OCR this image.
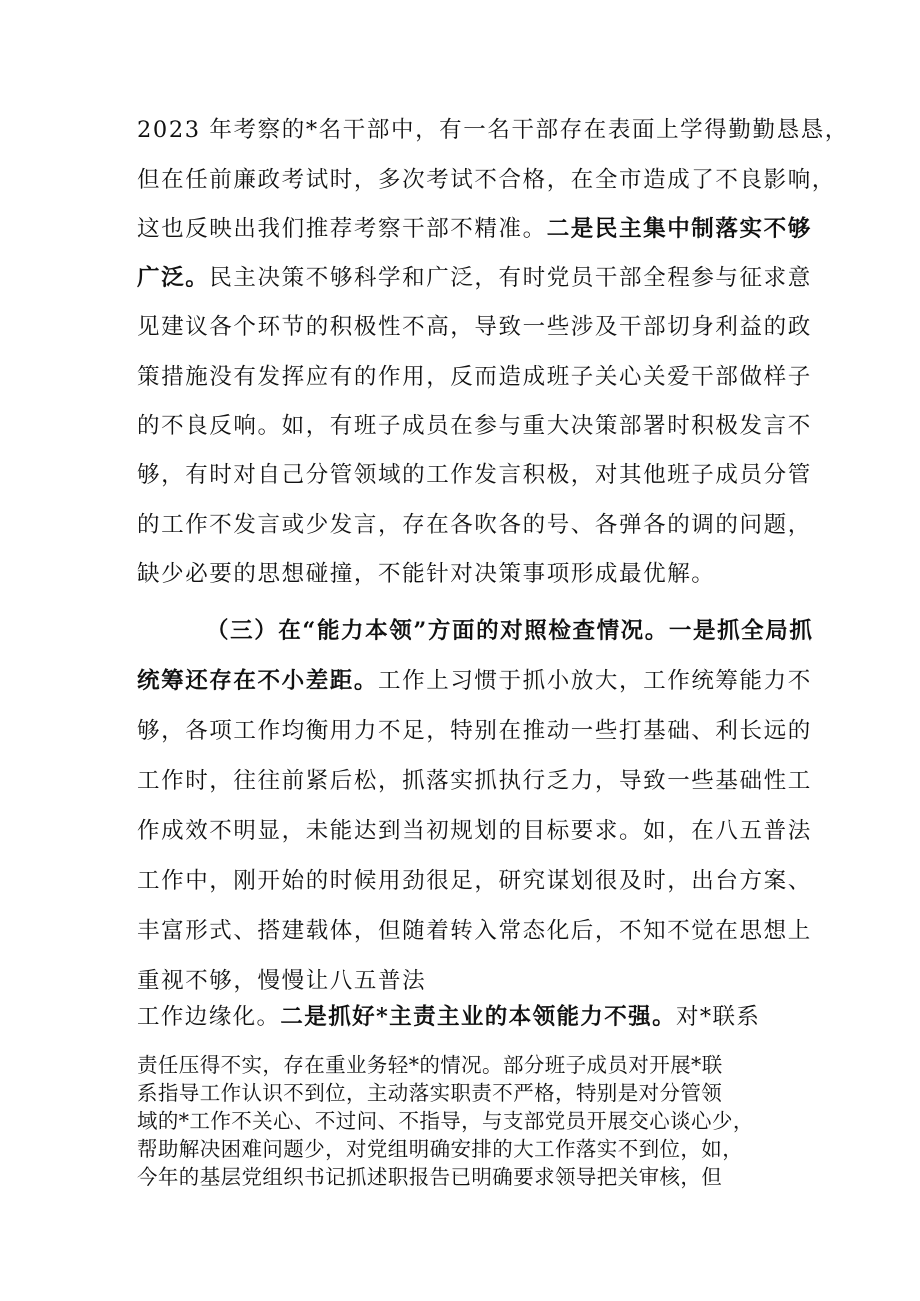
2023 年考察的*名干部中，有一名干部存在表面上学得勤勤恳恳，
但在任前廉政考试时，多次考试不合格，在全市造成了不良影响，
这也反映出我们推荐考察干部不精准。二是民主集中制落实不够
广泛。民主决策不够科学和广泛，有时党员干部全程参与征求意
见建议各个环节的积极性不高，导致一些涉及干部切身利益的政
策措施没有发挥应有的作用，反而造成班子关心关爱干部做样子
的不良反响。如，有班子成员在参与重大决策部署时积极发言不
够，有时对自己分管领域的工作发言积极，对其他班子成员分管
的工作不发言或少发言，存在各吹各的号、各弹各的调的问题，
缺少必要的思想碰撞，不能针对决策事项形成最优解。
（三）在“能力本领”方面的对照检查情况。一是抓全局抓
统筹还存在不小差距。工作上习惯于抓小放大，工作统筹能力不
够，各项工作均衡用力不足，特别在推动一些打基础、利长远的
工作时，往往前紧后松，抓落实抓执行乏力，导致一些基础性工
作成效不明显，未能达到当初规划的目标要求。如，在八五普法
工作中，刚开始的时候用劲很足，研究谋划很及时，出台方案、
丰富形式、搭建载体，但随着转入常态化后，不知不觉在思想上
重视不够，慢慢让八五普法
工作边缘化。二是抓好*主责主业的本领能力不强。对*联系
责任压得不实，存在重业务轻*的情况。部分班子成员对开展*联
系指导工作认识不到位，主动落实职责不严格，特别是对分管领
域的*工作不关心、不过问、不指导，与支部党员开展交心谈心少，
帮助解决困难问题少，对党组明确安排的大工作落实不到位，如，
今年的基层党组织书记抓述职报告已明确要求领导把关审核，但
